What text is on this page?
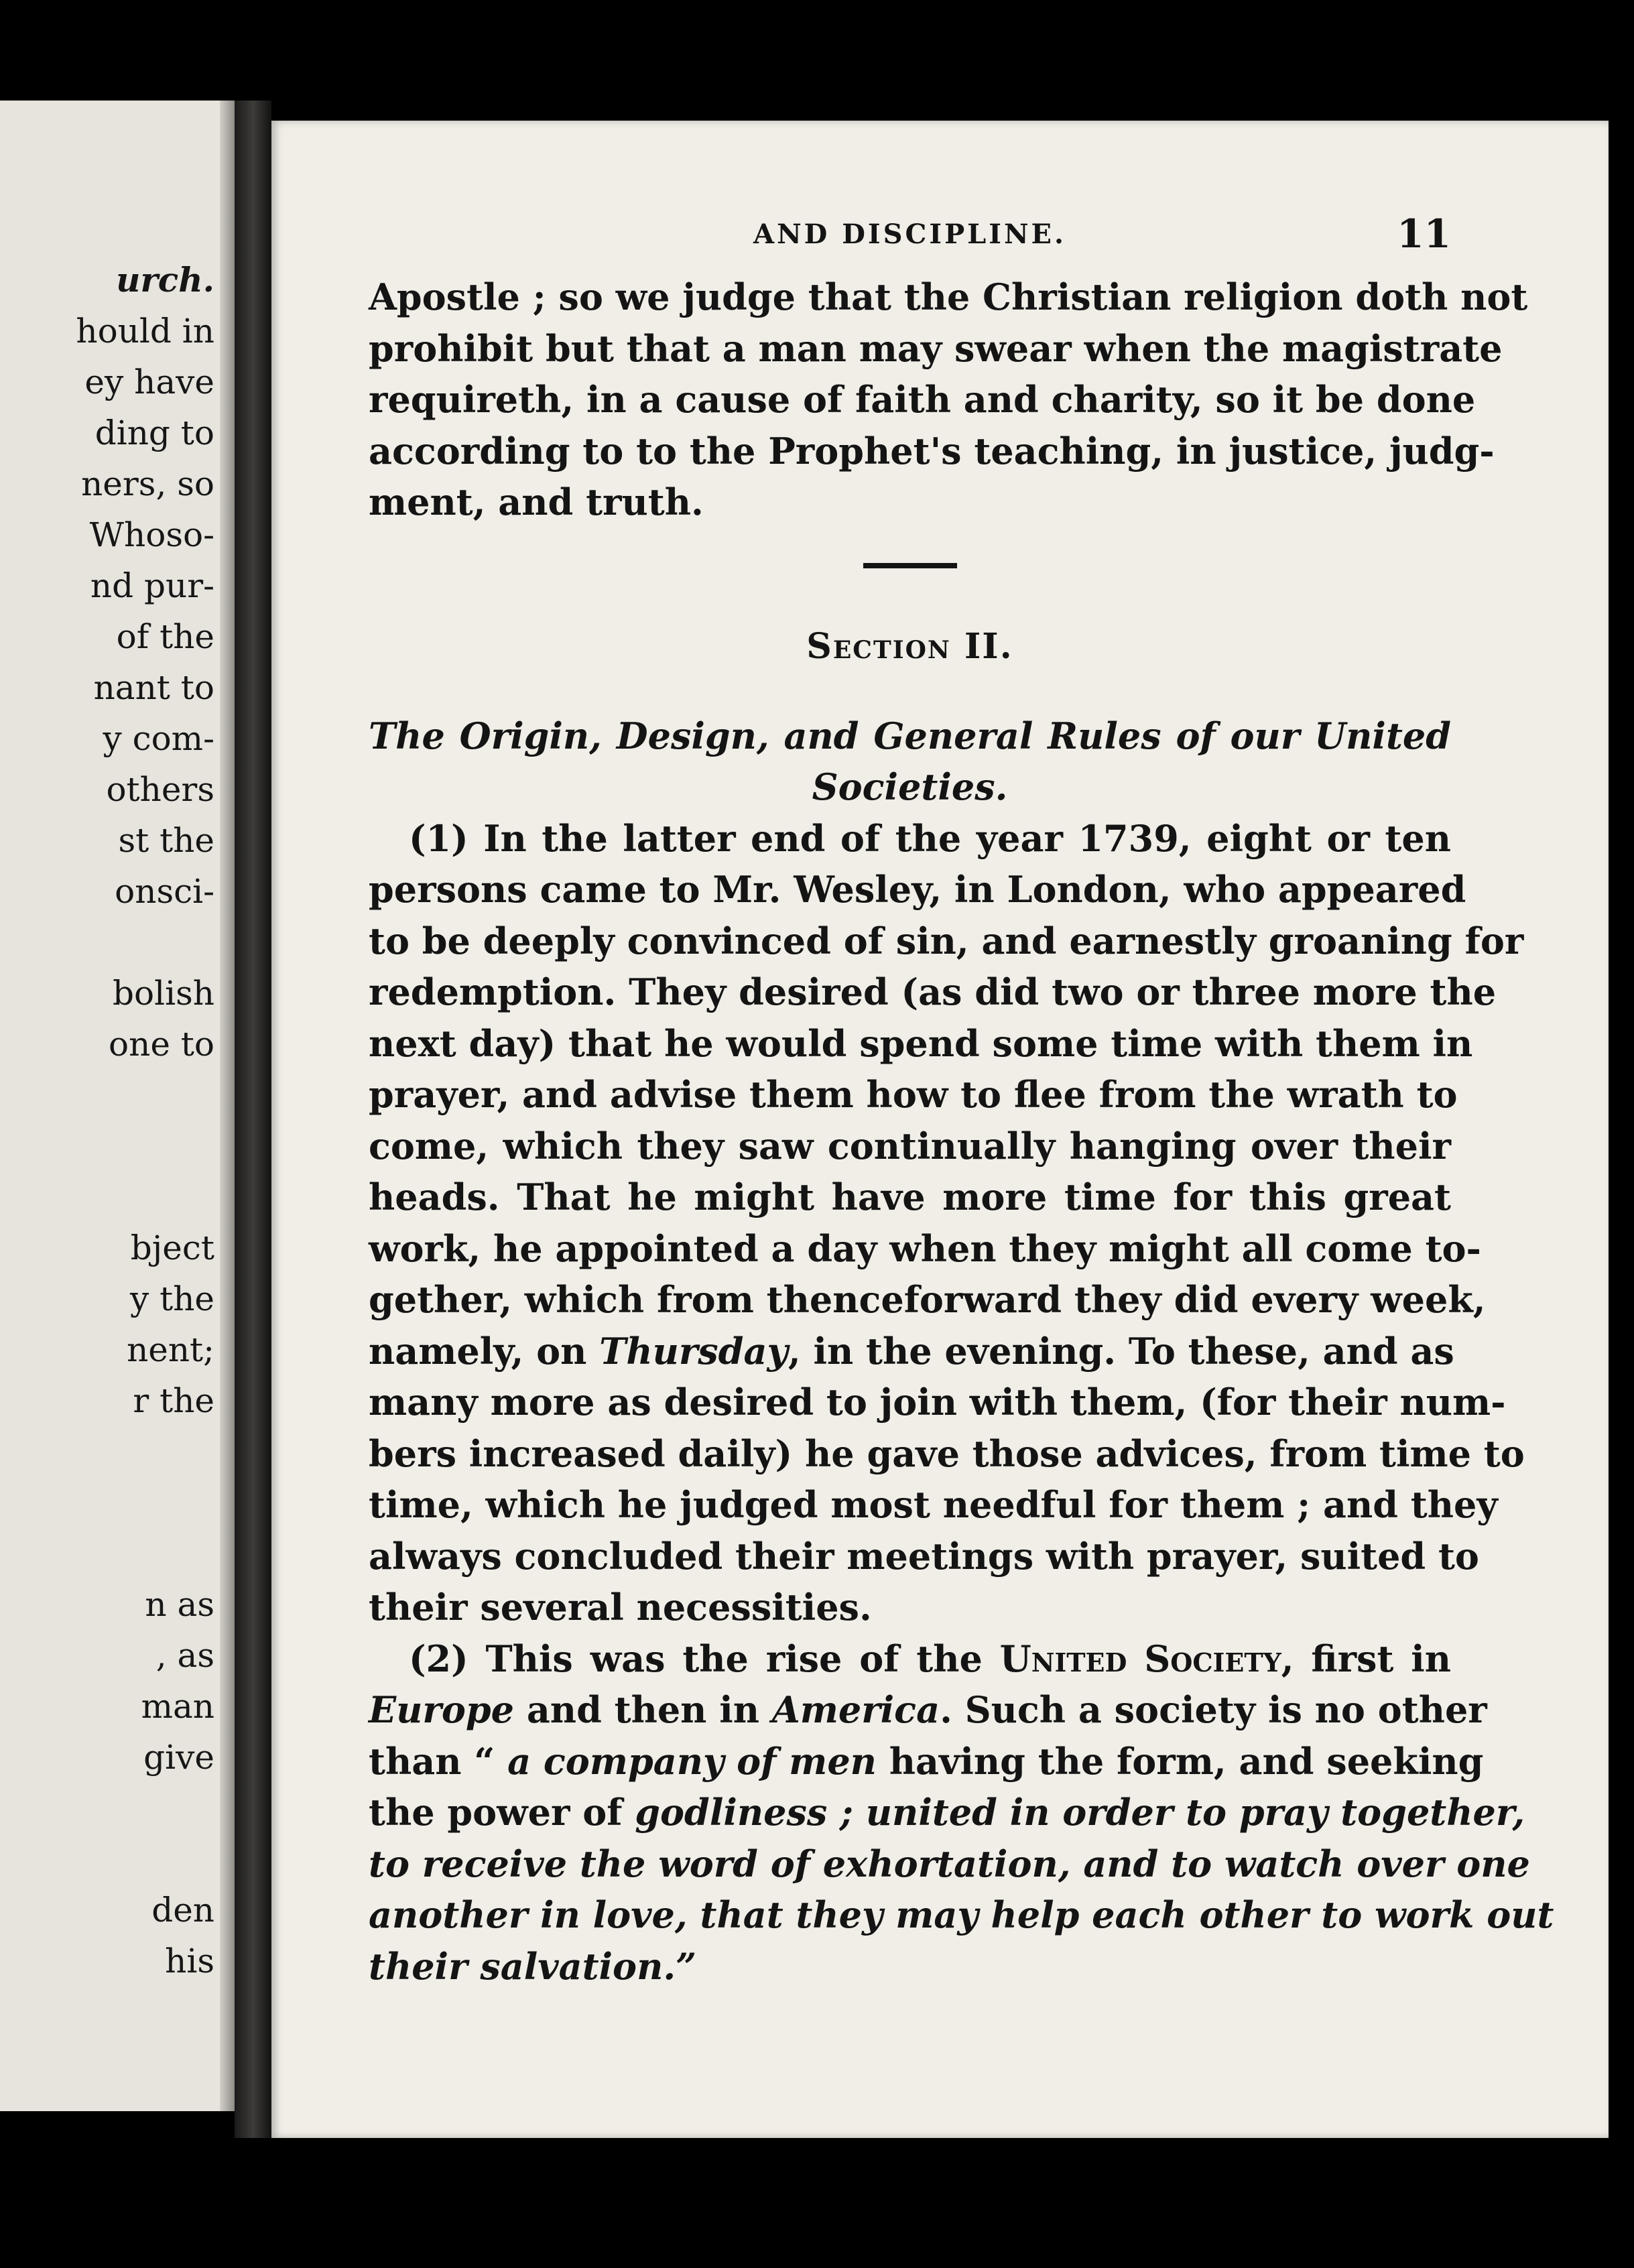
urch.
hould in
ey have
ding to
ners, so
Whoso-
nd pur-
of the
nant to
y com-
others
st the
onsci-
bolish
one to
bject
y the
nent;
r the
n as
, as
man
give
den
his
AND DISCIPLINE.	11
Apostle ; so we judge that the Christian religion doth not
prohibit but that a man may swear when the magistrate
requireth, in a cause of faith and charity, so it be done
according to to the Prophet's teaching, in justice, judg-
ment, and truth.
Section II.
The Origin, Design, and General Rules of our United
Societies.
(1) In the latter end of the year 1739, eight or ten
persons came to Mr. Wesley, in London, who appeared
to be deeply convinced of sin, and earnestly groaning for
redemption. They desired (as did two or three more the
next day) that he would spend some time with them in
prayer, and advise them how to flee from the wrath to
come, which they saw continually hanging over their
heads. That he might have more time for this great
work, he appointed a day when they might all come to-
gether, which from thenceforward they did every week,
namely, on Thursday, in the evening. To these, and as
many more as desired to join with them, (for their num-
bers increased daily) he gave those advices, from time to
time, which he judged most needful for them ; and they
always concluded their meetings with prayer, suited to
their several necessities.
(2) This was the rise of the United Society, first in
Europe and then in America. Such a society is no other
than “ a company of men having the form, and seeking
the power of godliness ; united in order to pray together,
to receive the word of exhortation, and to watch over one
another in love, that they may help each other to work out
their salvation.”
